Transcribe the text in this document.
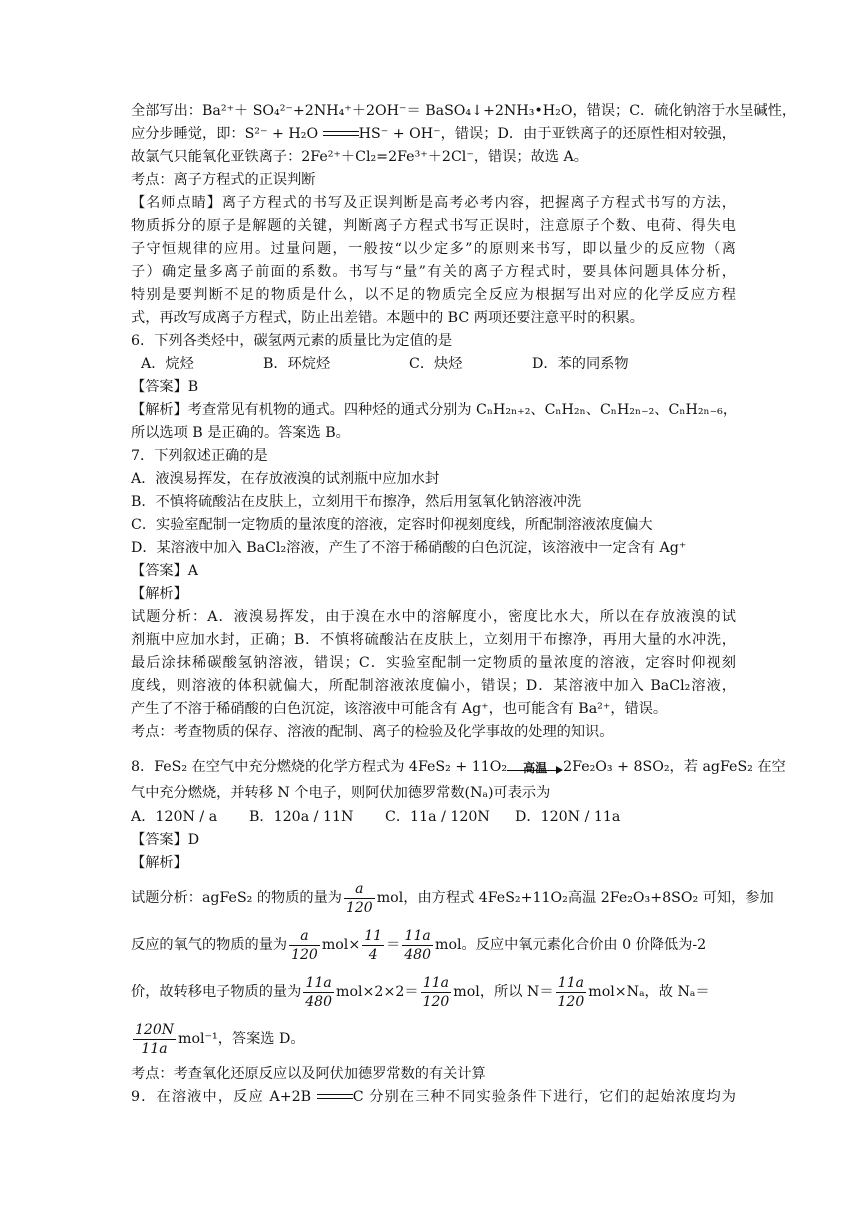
全部写出：Ba²⁺＋ SO₄²⁻+2NH₄⁺＋2OH⁻＝ BaSO₄↓+2NH₃•H₂O，错误；C．硫化钠溶于水呈碱性，
应分步睡觉，即：S²⁻ + H₂O	HS⁻ + OH⁻，错误；D．由于亚铁离子的还原性相对较强，
故氯气只能氧化亚铁离子：2Fe²⁺＋Cl₂=2Fe³⁺＋2Cl⁻，错误；故选 A。
考点：离子方程式的正误判断
【名师点睛】离子方程式的书写及正误判断是高考必考内容，把握离子方程式书写的方法，
物质拆分的原子是解题的关键，判断离子方程式书写正误时，注意原子个数、电荷、得失电
子守恒规律的应用。过量问题，一般按“以少定多”的原则来书写，即以量少的反应物（离
子）确定量多离子前面的系数。书写与“量”有关的离子方程式时，要具体问题具体分析，
特别是要判断不足的物质是什么，以不足的物质完全反应为根据写出对应的化学反应方程
式，再改写成离子方程式，防止出差错。本题中的 BC 两项还要注意平时的积累。
6．下列各类烃中，碳氢两元素的质量比为定值的是
A．烷烃	B．环烷烃	C．炔烃	D．苯的同系物
【答案】B
【解析】考查常见有机物的通式。四种烃的通式分别为 CₙH₂ₙ₊₂、CₙH₂ₙ、CₙH₂ₙ₋₂、CₙH₂ₙ₋₆，
所以选项 B 是正确的。答案选 B。
7．下列叙述正确的是
A．液溴易挥发，在存放液溴的试剂瓶中应加水封
B．不慎将硫酸沾在皮肤上，立刻用干布擦净，然后用氢氧化钠溶液冲洗
C．实验室配制一定物质的量浓度的溶液，定容时仰视刻度线，所配制溶液浓度偏大
D．某溶液中加入 BaCl₂溶液，产生了不溶于稀硝酸的白色沉淀，该溶液中一定含有 Ag⁺
【答案】A
【解析】
试题分析：A．液溴易挥发，由于溴在水中的溶解度小，密度比水大，所以在存放液溴的试
剂瓶中应加水封，正确；B．不慎将硫酸沾在皮肤上，立刻用干布擦净，再用大量的水冲洗，
最后涂抹稀碳酸氢钠溶液，错误；C．实验室配制一定物质的量浓度的溶液，定容时仰视刻
度线，则溶液的体积就偏大，所配制溶液浓度偏小，错误；D．某溶液中加入 BaCl₂溶液，
产生了不溶于稀硝酸的白色沉淀，该溶液中可能含有 Ag⁺，也可能含有 Ba²⁺，错误。
考点：考查物质的保存、溶液的配制、离子的检验及化学事故的处理的知识。
8．FeS₂ 在空气中充分燃烧的化学方程式为 4FeS₂ + 11O₂	高温	2Fe₂O₃ + 8SO₂，若 agFeS₂ 在空
气中充分燃烧，并转移 N 个电子，则阿伏加德罗常数(Nₐ)可表示为
A．120N / a B．120a / 11N C．11a / 120N D．120N / 11a
【答案】D
【解析】
试题分析：agFeS₂ 的物质的量为 $\frac{a}{120}$ mol，由方程式 4FeS₂+11O₂高温 2Fe₂O₃+8SO₂ 可知，参加
反应的氧气的物质的量为 $\frac{a}{120} mol\times \frac{11}{4} = \frac{11a}{480}$ mol。反应中氧元素化合价由 0 价降低为-2
价，故转移电子物质的量为 $\frac{11a}{480} mol\times 2\times 2= \frac{11a}{120}$ mol，所以 $N= \frac{11a}{120} mol\times N_a$，故 Nₐ＝
$\frac{120N}{11a} mol^{-1}$，答案选 D。
考点：考查氧化还原反应以及阿伏加德罗常数的有关计算
9．在溶液中，反应 A+2B	C 分别在三种不同实验条件下进行，它们的起始浓度均为
